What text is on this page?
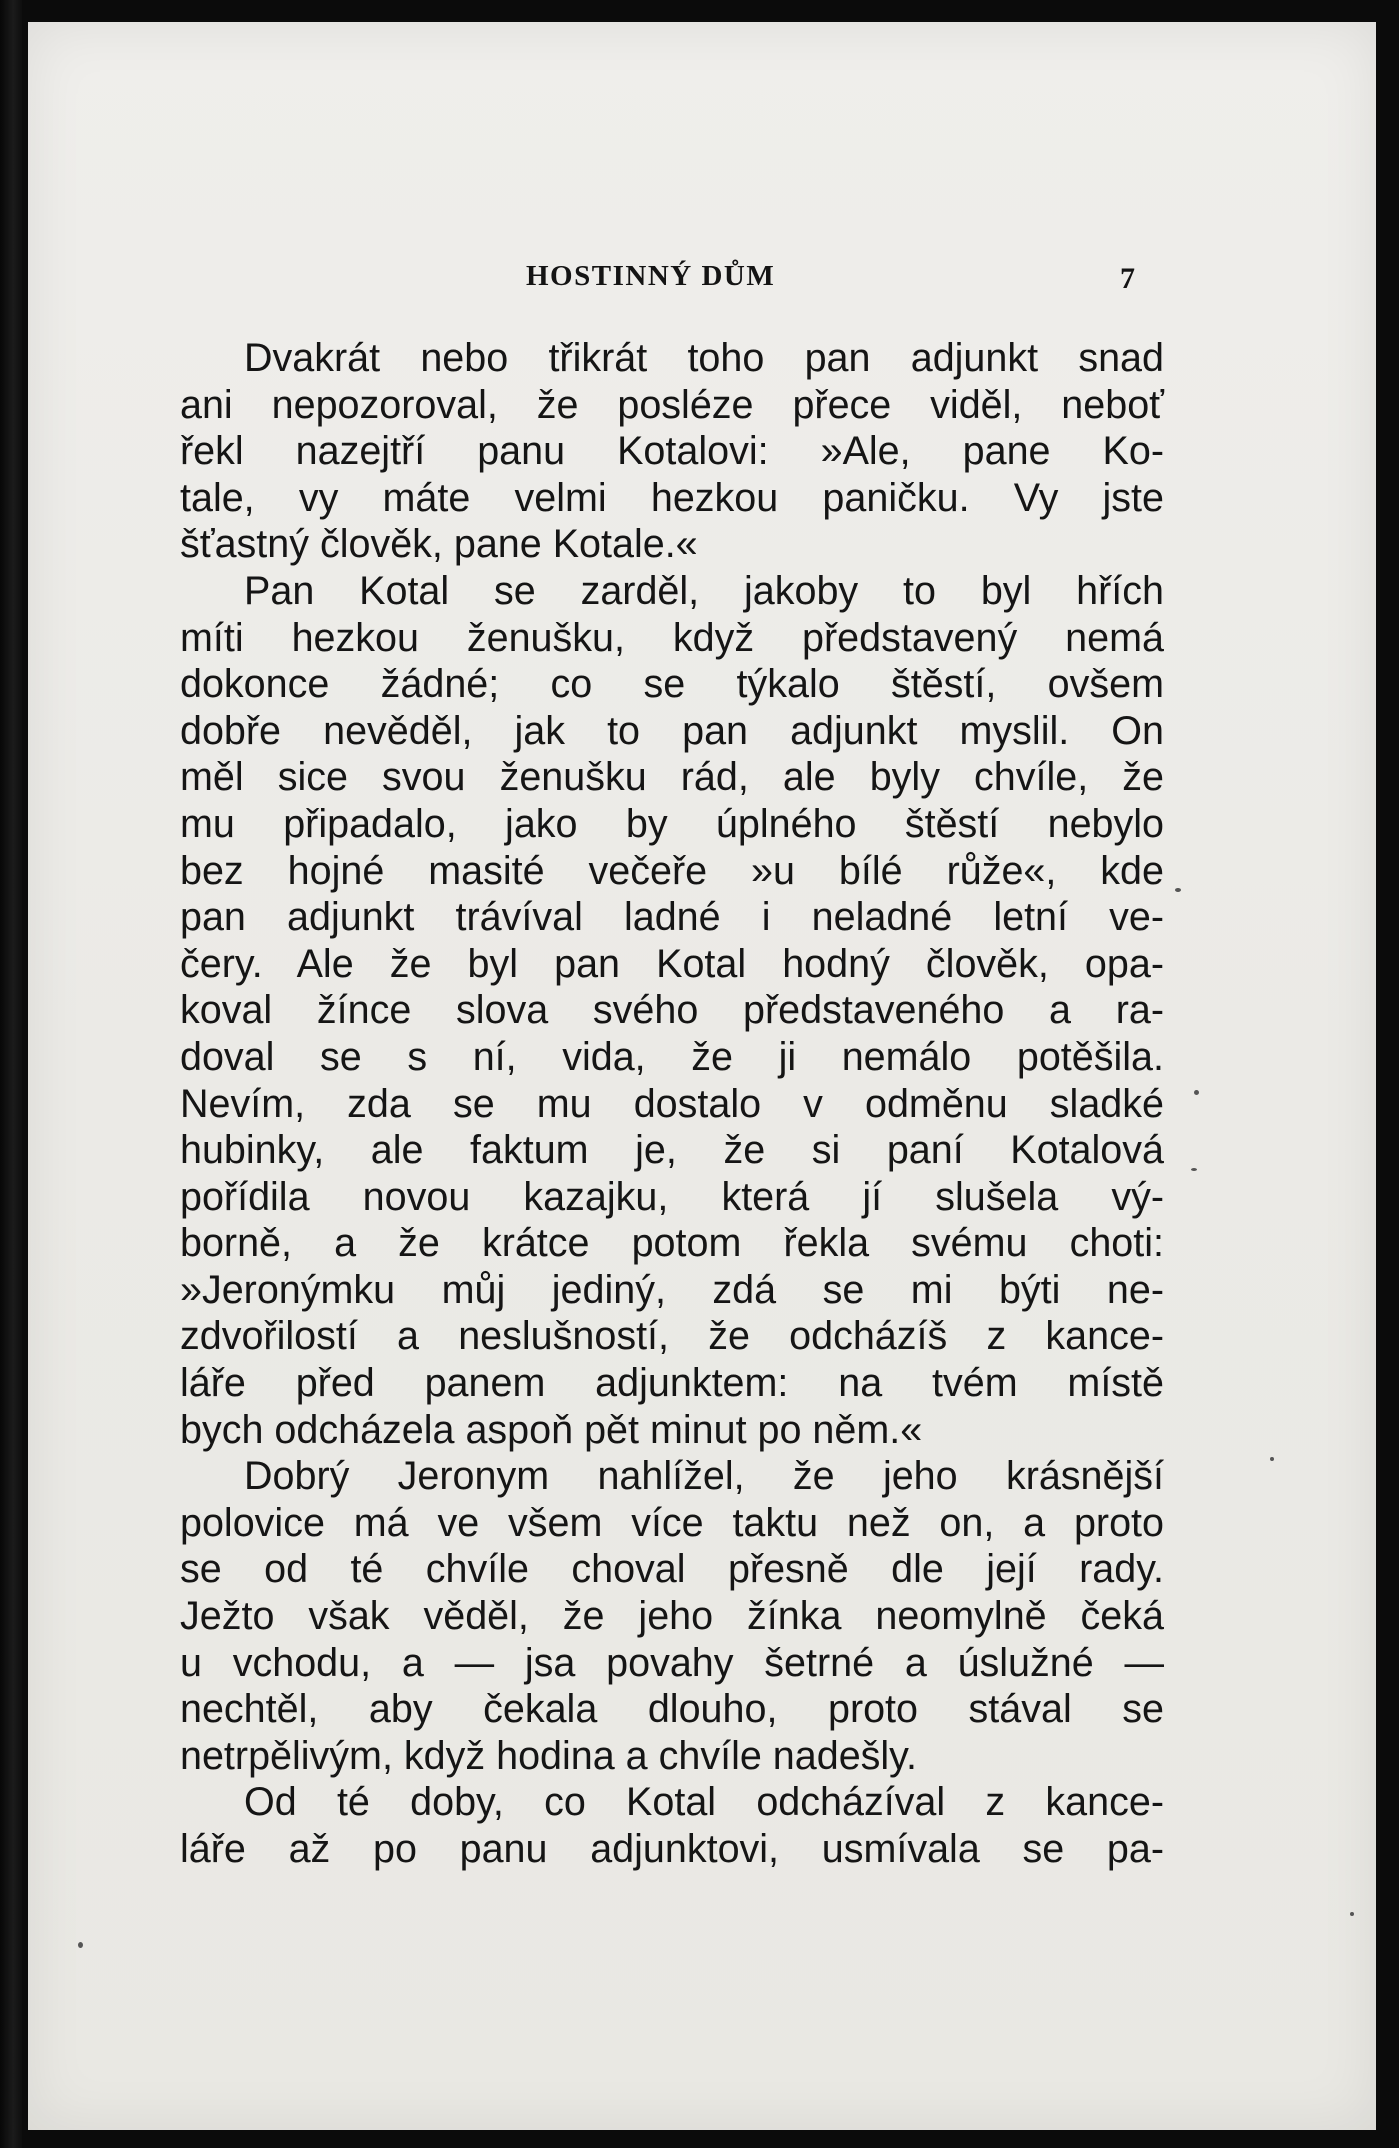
HOSTINNÝ DŮM	7
Dvakrát nebo třikrát toho pan adjunkt snad
ani nepozoroval, že posléze přece viděl, neboť
řekl nazejtří panu Kotalovi: »Ale, pane Ko-
tale, vy máte velmi hezkou paničku. Vy jste
šťastný člověk, pane Kotale.«
Pan Kotal se zarděl, jakoby to byl hřích
míti hezkou ženušku, když představený nemá
dokonce žádné; co se týkalo štěstí, ovšem
dobře nevěděl, jak to pan adjunkt myslil. On
měl sice svou ženušku rád, ale byly chvíle, že
mu připadalo, jako by úplného štěstí nebylo
bez hojné masité večeře »u bílé růže«, kde
pan adjunkt trávíval ladné i neladné letní ve-
čery. Ale že byl pan Kotal hodný člověk, opa-
koval žínce slova svého představeného a ra-
doval se s ní, vida, že ji nemálo potěšila.
Nevím, zda se mu dostalo v odměnu sladké
hubinky, ale faktum je, že si paní Kotalová
pořídila novou kazajku, která jí slušela vý-
borně, a že krátce potom řekla svému choti:
»Jeronýmku můj jediný, zdá se mi býti ne-
zdvořilostí a neslušností, že odcházíš z kance-
láře před panem adjunktem: na tvém místě
bych odcházela aspoň pět minut po něm.«
Dobrý Jeronym nahlížel, že jeho krásnější
polovice má ve všem více taktu než on, a proto
se od té chvíle choval přesně dle její rady.
Ježto však věděl, že jeho žínka neomylně čeká
u vchodu, a — jsa povahy šetrné a úslužné —
nechtěl, aby čekala dlouho, proto stával se
netrpělivým, když hodina a chvíle nadešly.
Od té doby, co Kotal odcházíval z kance-
láře až po panu adjunktovi, usmívala se pa-
